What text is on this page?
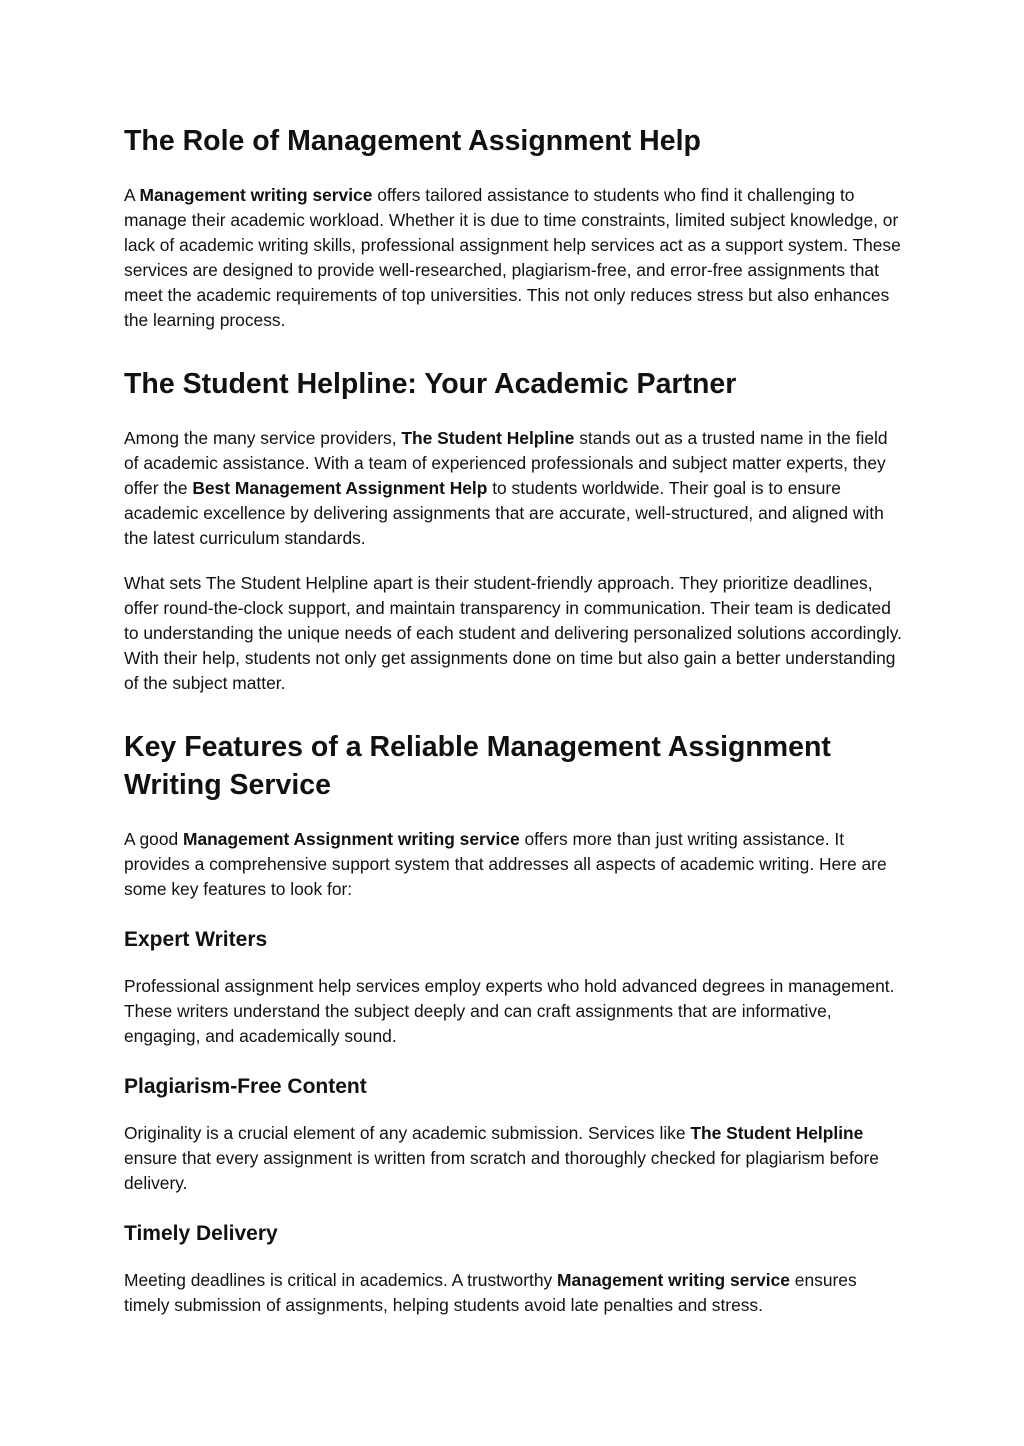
The Role of Management Assignment Help

A Management writing service offers tailored assistance to students who find it challenging to manage their academic workload. Whether it is due to time constraints, limited subject knowledge, or lack of academic writing skills, professional assignment help services act as a support system. These services are designed to provide well-researched, plagiarism-free, and error-free assignments that meet the academic requirements of top universities. This not only reduces stress but also enhances the learning process.

The Student Helpline: Your Academic Partner

Among the many service providers, The Student Helpline stands out as a trusted name in the field of academic assistance. With a team of experienced professionals and subject matter experts, they offer the Best Management Assignment Help to students worldwide. Their goal is to ensure academic excellence by delivering assignments that are accurate, well-structured, and aligned with the latest curriculum standards.

What sets The Student Helpline apart is their student-friendly approach. They prioritize deadlines, offer round-the-clock support, and maintain transparency in communication. Their team is dedicated to understanding the unique needs of each student and delivering personalized solutions accordingly. With their help, students not only get assignments done on time but also gain a better understanding of the subject matter.

Key Features of a Reliable Management Assignment Writing Service

A good Management Assignment writing service offers more than just writing assistance. It provides a comprehensive support system that addresses all aspects of academic writing. Here are some key features to look for:

Expert Writers

Professional assignment help services employ experts who hold advanced degrees in management. These writers understand the subject deeply and can craft assignments that are informative, engaging, and academically sound.

Plagiarism-Free Content

Originality is a crucial element of any academic submission. Services like The Student Helpline ensure that every assignment is written from scratch and thoroughly checked for plagiarism before delivery.

Timely Delivery

Meeting deadlines is critical in academics. A trustworthy Management writing service ensures timely submission of assignments, helping students avoid late penalties and stress.
